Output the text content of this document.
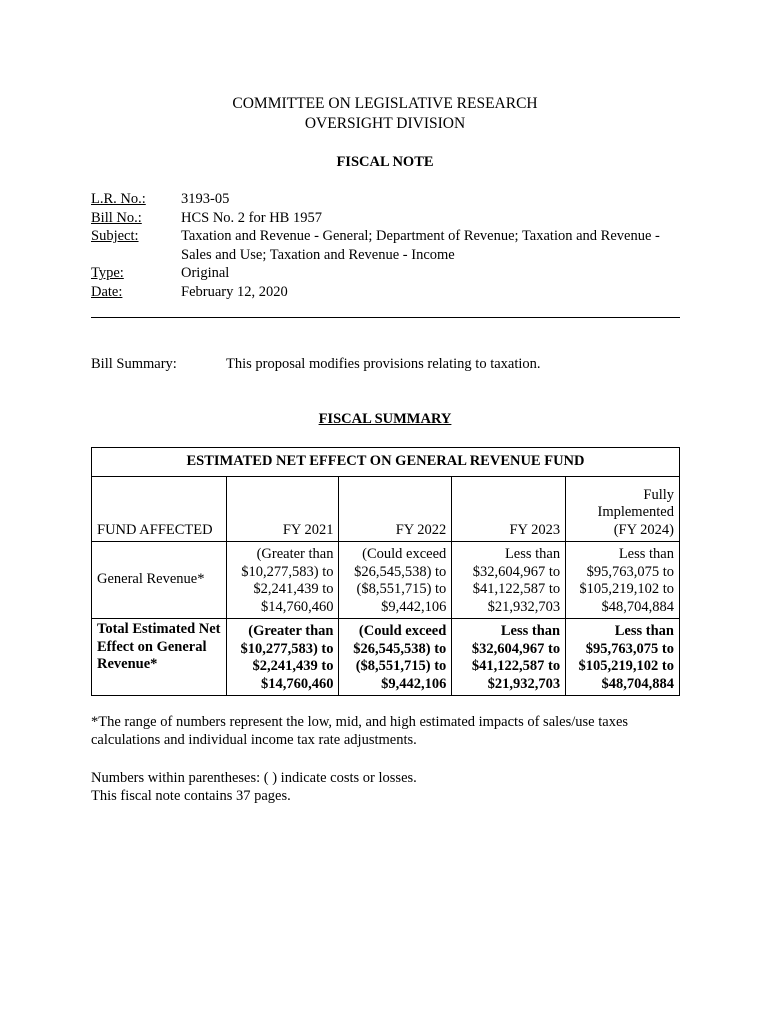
COMMITTEE ON LEGISLATIVE RESEARCH
OVERSIGHT DIVISION
FISCAL NOTE
L.R. No.:	3193-05
Bill No.:	HCS No. 2 for HB 1957
Subject:	Taxation and Revenue - General; Department of Revenue; Taxation and Revenue - Sales and Use; Taxation and Revenue - Income
Type:	Original
Date:	February 12, 2020
Bill Summary:	This proposal modifies provisions relating to taxation.
FISCAL SUMMARY
ESTIMATED NET EFFECT ON GENERAL REVENUE FUND				
FUND AFFECTED	FY 2021	FY 2022	FY 2023	Fully Implemented (FY 2024)
General Revenue*	(Greater than $10,277,583) to $2,241,439 to $14,760,460	(Could exceed $26,545,538) to ($8,551,715) to $9,442,106	Less than $32,604,967 to $41,122,587 to $21,932,703	Less than $95,763,075 to $105,219,102 to $48,704,884
Total Estimated Net Effect on General Revenue*	(Greater than $10,277,583) to $2,241,439 to $14,760,460	(Could exceed $26,545,538) to ($8,551,715) to $9,442,106	Less than $32,604,967 to $41,122,587 to $21,932,703	Less than $95,763,075 to $105,219,102 to $48,704,884
*The range of numbers represent the low, mid, and high estimated impacts of sales/use taxes calculations and individual income tax rate adjustments.
Numbers within parentheses: ( ) indicate costs or losses.
This fiscal note contains 37 pages.
